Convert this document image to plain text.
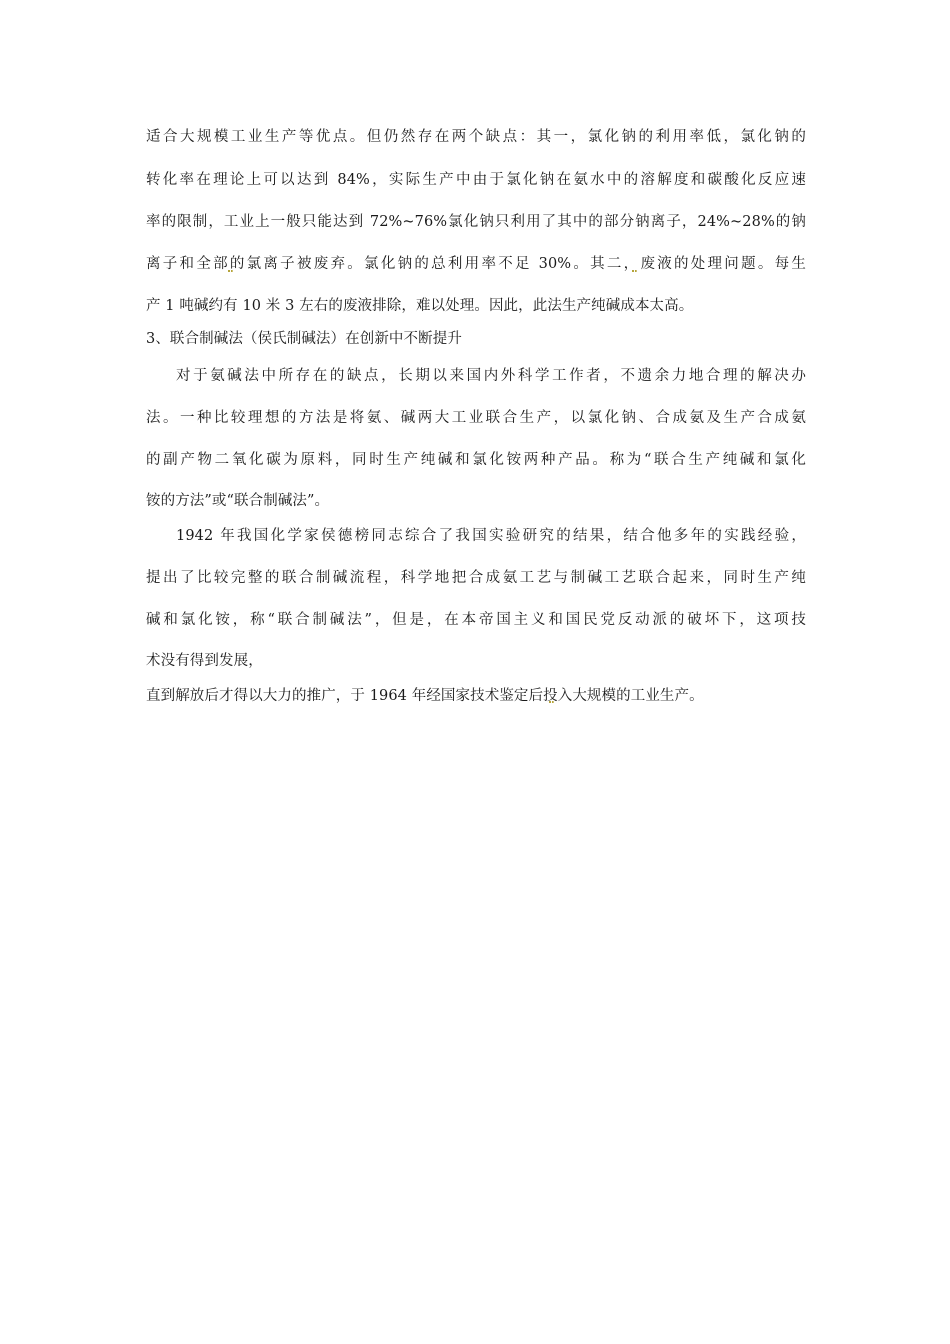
适合大规模工业生产等优点。但仍然存在两个缺点：其一，氯化钠的利用率低，氯化钠的
转化率在理论上可以达到 84%，实际生产中由于氯化钠在氨水中的溶解度和碳酸化反应速
率的限制，工业上一般只能达到 72%~76%氯化钠只利用了其中的部分钠离子，24%~28%的钠
离子和全部的氯离子被废弃。氯化钠的总利用率不足 30%。其二，废液的处理问题。每生
产 1 吨碱约有 10 米 3 左右的废液排除，难以处理。因此，此法生产纯碱成本太高。
3、联合制碱法（侯氏制碱法）在创新中不断提升
对于氨碱法中所存在的缺点，长期以来国内外科学工作者，不遗余力地合理的解决办
法。一种比较理想的方法是将氨、碱两大工业联合生产，以氯化钠、合成氨及生产合成氨
的副产物二氧化碳为原料，同时生产纯碱和氯化铵两种产品。称为“联合生产纯碱和氯化
铵的方法”或“联合制碱法”。
1942 年我国化学家侯德榜同志综合了我国实验研究的结果，结合他多年的实践经验，
提出了比较完整的联合制碱流程，科学地把合成氨工艺与制碱工艺联合起来，同时生产纯
碱和氯化铵，称“联合制碱法”，但是，在本帝国主义和国民党反动派的破坏下，这项技
术没有得到发展，
直到解放后才得以大力的推广，于 1964 年经国家技术鉴定后投入大规模的工业生产。
